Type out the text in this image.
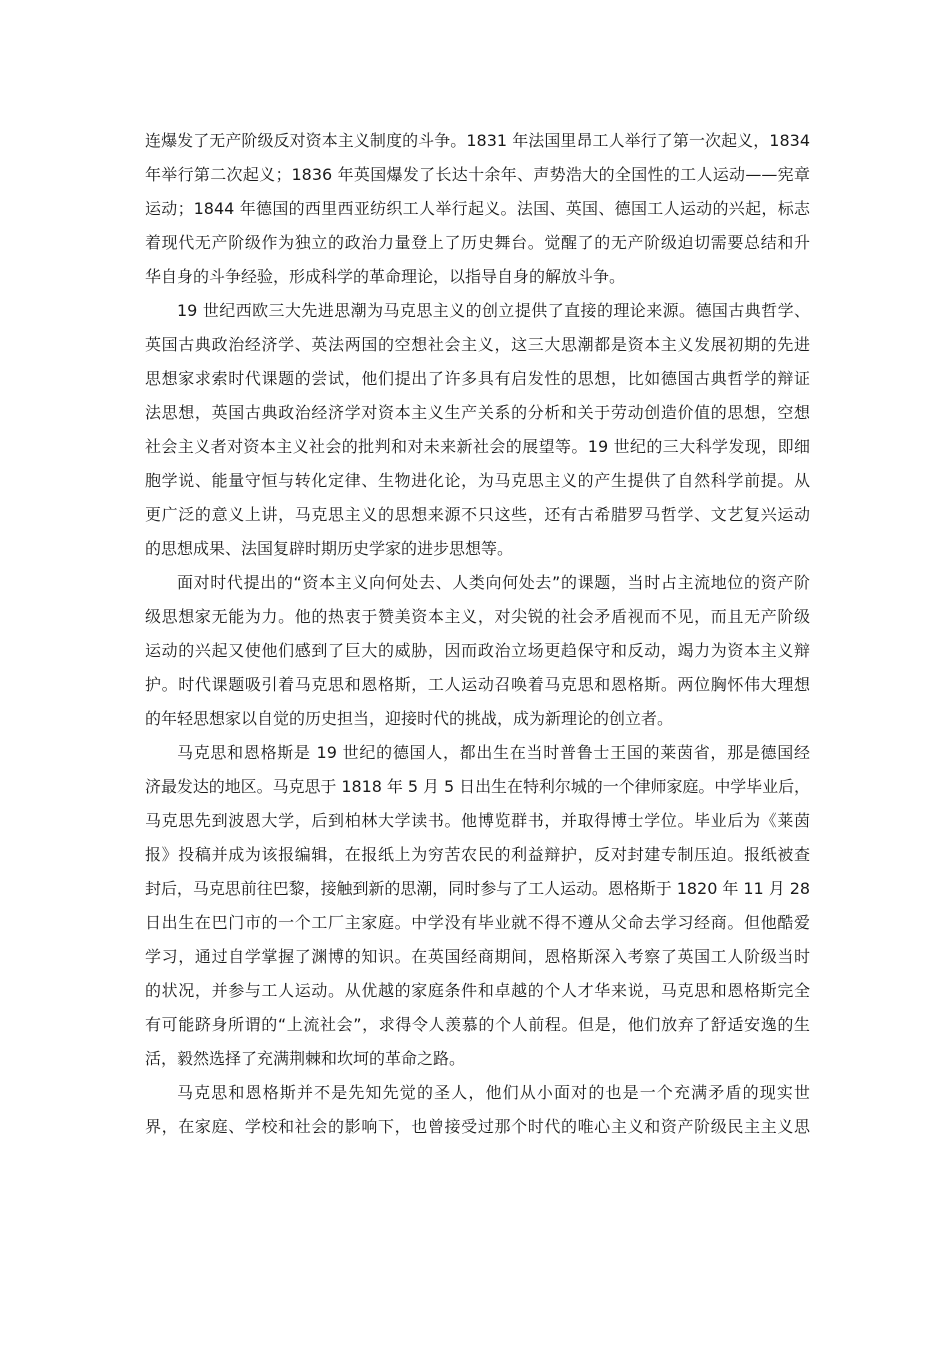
连爆发了无产阶级反对资本主义制度的斗争。1831 年法国里昂工人举行了第一次起义，1834
年举行第二次起义；1836 年英国爆发了长达十余年、声势浩大的全国性的工人运动——宪章
运动；1844 年德国的西里西亚纺织工人举行起义。法国、英国、德国工人运动的兴起，标志
着现代无产阶级作为独立的政治力量登上了历史舞台。觉醒了的无产阶级迫切需要总结和升
华自身的斗争经验，形成科学的革命理论，以指导自身的解放斗争。
19 世纪西欧三大先进思潮为马克思主义的创立提供了直接的理论来源。德国古典哲学、
英国古典政治经济学、英法两国的空想社会主义，这三大思潮都是资本主义发展初期的先进
思想家求索时代课题的尝试，他们提出了许多具有启发性的思想，比如德国古典哲学的辩证
法思想，英国古典政治经济学对资本主义生产关系的分析和关于劳动创造价值的思想，空想
社会主义者对资本主义社会的批判和对未来新社会的展望等。19 世纪的三大科学发现，即细
胞学说、能量守恒与转化定律、生物进化论，为马克思主义的产生提供了自然科学前提。从
更广泛的意义上讲，马克思主义的思想来源不只这些，还有古希腊罗马哲学、文艺复兴运动
的思想成果、法国复辟时期历史学家的进步思想等。
面对时代提出的“资本主义向何处去、人类向何处去”的课题，当时占主流地位的资产阶
级思想家无能为力。他的热衷于赞美资本主义，对尖锐的社会矛盾视而不见，而且无产阶级
运动的兴起又使他们感到了巨大的威胁，因而政治立场更趋保守和反动，竭力为资本主义辩
护。时代课题吸引着马克思和恩格斯，工人运动召唤着马克思和恩格斯。两位胸怀伟大理想
的年轻思想家以自觉的历史担当，迎接时代的挑战，成为新理论的创立者。
马克思和恩格斯是 19 世纪的德国人，都出生在当时普鲁士王国的莱茵省，那是德国经
济最发达的地区。马克思于 1818 年 5 月 5 日出生在特利尔城的一个律师家庭。中学毕业后，
马克思先到波恩大学，后到柏林大学读书。他博览群书，并取得博士学位。毕业后为《莱茵
报》投稿并成为该报编辑，在报纸上为穷苦农民的利益辩护，反对封建专制压迫。报纸被查
封后，马克思前往巴黎，接触到新的思潮，同时参与了工人运动。恩格斯于 1820 年 11 月 28
日出生在巴门市的一个工厂主家庭。中学没有毕业就不得不遵从父命去学习经商。但他酷爱
学习，通过自学掌握了渊博的知识。在英国经商期间，恩格斯深入考察了英国工人阶级当时
的状况，并参与工人运动。从优越的家庭条件和卓越的个人才华来说，马克思和恩格斯完全
有可能跻身所谓的“上流社会”，求得令人羡慕的个人前程。但是，他们放弃了舒适安逸的生
活，毅然选择了充满荆棘和坎坷的革命之路。
马克思和恩格斯并不是先知先觉的圣人，他们从小面对的也是一个充满矛盾的现实世
界，在家庭、学校和社会的影响下，也曾接受过那个时代的唯心主义和资产阶级民主主义思
